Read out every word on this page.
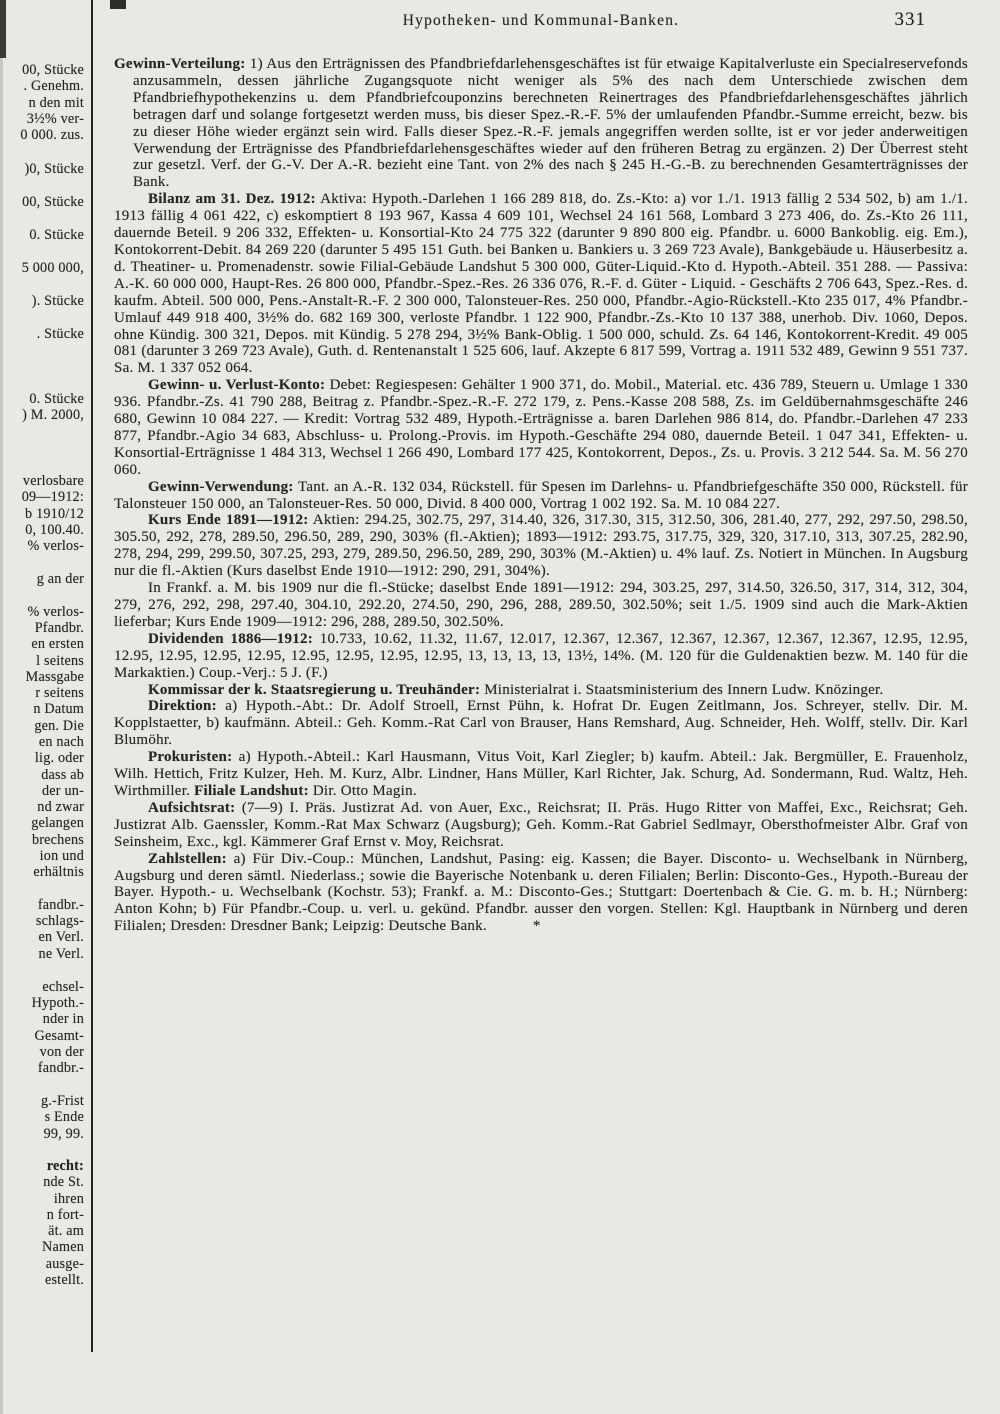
Hypotheken- und Kommunal-Banken.	331
00, Stücke
. Genehm.
n den mit
3½% ver-
0 000. zus.
)0, Stücke
00, Stücke
0. Stücke
5 000 000,
). Stücke
. Stücke
0. Stücke
) M. 2000,
verlosbare
09—1912:
b 1910/12
0, 100.40.
% verlos-
g an der
% verlos-
Pfandbr.
en ersten
l seitens
Massgabe
r seitens
n Datum
gen. Die
en nach
lig. oder
dass ab
der un-
nd zwar
gelangen
brechens
ion und
erhältnis
fandbr.-
schlags-
en Verl.
ne Verl.
echsel-
Hypoth.-
nder in
Gesamt-
von der
fandbr.-
g.-Frist
s Ende
99, 99.
recht:
nde St.
ihren
n fort-
ät. am
Namen
ausge-
estellt.

Gewinn-Verteilung: 1) Aus den Erträgnissen des Pfandbriefdarlehensgeschäftes ist für etwaige Kapitalverluste ein Specialreservefonds anzusammeln, dessen jährliche Zugangsquote nicht weniger als 5% des nach dem Unterschiede zwischen dem Pfandbriefhypothekenzins u. dem Pfandbriefcouponzins berechneten Reinertrages des Pfandbriefdarlehensgeschäftes jährlich betragen darf und solange fortgesetzt werden muss, bis dieser Spez.-R.-F. 5% der umlaufenden Pfandbr.-Summe erreicht, bezw. bis zu dieser Höhe wieder ergänzt sein wird. Falls dieser Spez.-R.-F. jemals angegriffen werden sollte, ist er vor jeder anderweitigen Verwendung der Erträgnisse des Pfandbriefdarlehensgeschäftes wieder auf den früheren Betrag zu ergänzen. 2) Der Überrest steht zur gesetzl. Verf. der G.-V. Der A.-R. bezieht eine Tant. von 2% des nach § 245 H.-G.-B. zu berechnenden Gesamterträgnisses der Bank.

Bilanz am 31. Dez. 1912: Aktiva: Hypoth.-Darlehen 1 166 289 818, do. Zs.-Kto: a) vor 1./1. 1913 fällig 2 534 502, b) am 1./1. 1913 fällig 4 061 422, c) eskomptiert 8 193 967, Kassa 4 609 101, Wechsel 24 161 568, Lombard 3 273 406, do. Zs.-Kto 26 111, dauernde Beteil. 9 206 332, Effekten- u. Konsortial-Kto 24 775 322 (darunter 9 890 800 eig. Pfandbr. u. 6000 Bankoblig. eig. Em.), Kontokorrent-Debit. 84 269 220 (darunter 5 495 151 Guth. bei Banken u. Bankiers u. 3 269 723 Avale), Bankgebäude u. Häuserbesitz a. d. Theatiner- u. Promenadenstr. sowie Filial-Gebäude Landshut 5 300 000, Güter-Liquid.-Kto d. Hypoth.-Abteil. 351 288. — Passiva: A.-K. 60 000 000, Haupt-Res. 26 800 000, Pfandbr.-Spez.-Res. 26 336 076, R.-F. d. Güter - Liquid. - Geschäfts 2 706 643, Spez.-Res. d. kaufm. Abteil. 500 000, Pens.-Anstalt-R.-F. 2 300 000, Talonsteuer-Res. 250 000, Pfandbr.-Agio-Rückstell.-Kto 235 017, 4% Pfandbr.-Umlauf 449 918 400, 3½% do. 682 169 300, verloste Pfandbr. 1 122 900, Pfandbr.-Zs.-Kto 10 137 388, unerhob. Div. 1060, Depos. ohne Kündig. 300 321, Depos. mit Kündig. 5 278 294, 3½% Bank-Oblig. 1 500 000, schuld. Zs. 64 146, Kontokorrent-Kredit. 49 005 081 (darunter 3 269 723 Avale), Guth. d. Rentenanstalt 1 525 606, lauf. Akzepte 6 817 599, Vortrag a. 1911 532 489, Gewinn 9 551 737. Sa. M. 1 337 052 064.

Gewinn- u. Verlust-Konto: Debet: Regiespesen: Gehälter 1 900 371, do. Mobil., Material. etc. 436 789, Steuern u. Umlage 1 330 936. Pfandbr.-Zs. 41 790 288, Beitrag z. Pfandbr.-Spez.-R.-F. 272 179, z. Pens.-Kasse 208 588, Zs. im Geldübernahmsgeschäfte 246 680, Gewinn 10 084 227. — Kredit: Vortrag 532 489, Hypoth.-Erträgnisse a. baren Darlehen 986 814, do. Pfandbr.-Darlehen 47 233 877, Pfandbr.-Agio 34 683, Abschluss- u. Prolong.-Provis. im Hypoth.-Geschäfte 294 080, dauernde Beteil. 1 047 341, Effekten- u. Konsortial-Erträgnisse 1 484 313, Wechsel 1 266 490, Lombard 177 425, Kontokorrent, Depos., Zs. u. Provis. 3 212 544. Sa. M. 56 270 060.

Gewinn-Verwendung: Tant. an A.-R. 132 034, Rückstell. für Spesen im Darlehns- u. Pfandbriefgeschäfte 350 000, Rückstell. für Talonsteuer 150 000, an Talonsteuer-Res. 50 000, Divid. 8 400 000, Vortrag 1 002 192. Sa. M. 10 084 227.

Kurs Ende 1891—1912: Aktien: 294.25, 302.75, 297, 314.40, 326, 317.30, 315, 312.50, 306, 281.40, 277, 292, 297.50, 298.50, 305.50, 292, 278, 289.50, 296.50, 289, 290, 303% (fl.-Aktien); 1893—1912: 293.75, 317.75, 329, 320, 317.10, 313, 307.25, 282.90, 278, 294, 299, 299.50, 307.25, 293, 279, 289.50, 296.50, 289, 290, 303% (M.-Aktien) u. 4% lauf. Zs. Notiert in München. In Augsburg nur die fl.-Aktien (Kurs daselbst Ende 1910—1912: 290, 291, 304%).

In Frankf. a. M. bis 1909 nur die fl.-Stücke; daselbst Ende 1891—1912: 294, 303.25, 297, 314.50, 326.50, 317, 314, 312, 304, 279, 276, 292, 298, 297.40, 304.10, 292.20, 274.50, 290, 296, 288, 289.50, 302.50%; seit 1./5. 1909 sind auch die Mark-Aktien lieferbar; Kurs Ende 1909—1912: 296, 288, 289.50, 302.50%.

Dividenden 1886—1912: 10.733, 10.62, 11.32, 11.67, 12.017, 12.367, 12.367, 12.367, 12.367, 12.367, 12.367, 12.95, 12.95, 12.95, 12.95, 12.95, 12.95, 12.95, 12.95, 12.95, 12.95, 13, 13, 13, 13, 13½, 14%. (M. 120 für die Guldenaktien bezw. M. 140 für die Markaktien.) Coup.-Verj.: 5 J. (F.)

Kommissar der k. Staatsregierung u. Treuhänder: Ministerialrat i. Staatsministerium des Innern Ludw. Knözinger.

Direktion: a) Hypoth.-Abt.: Dr. Adolf Stroell, Ernst Pühn, k. Hofrat Dr. Eugen Zeitlmann, Jos. Schreyer, stellv. Dir. M. Kopplstaetter, b) kaufmänn. Abteil.: Geh. Komm.-Rat Carl von Brauser, Hans Remshard, Aug. Schneider, Heh. Wolff, stellv. Dir. Karl Blumöhr.

Prokuristen: a) Hypoth.-Abteil.: Karl Hausmann, Vitus Voit, Karl Ziegler; b) kaufm. Abteil.: Jak. Bergmüller, E. Frauenholz, Wilh. Hettich, Fritz Kulzer, Heh. M. Kurz, Albr. Lindner, Hans Müller, Karl Richter, Jak. Schurg, Ad. Sondermann, Rud. Waltz, Heh. Wirthmiller. Filiale Landshut: Dir. Otto Magin.

Aufsichtsrat: (7—9) I. Präs. Justizrat Ad. von Auer, Exc., Reichsrat; II. Präs. Hugo Ritter von Maffei, Exc., Reichsrat; Geh. Justizrat Alb. Gaenssler, Komm.-Rat Max Schwarz (Augsburg); Geh. Komm.-Rat Gabriel Sedlmayr, Obersthofmeister Albr. Graf von Seinsheim, Exc., kgl. Kämmerer Graf Ernst v. Moy, Reichsrat.

Zahlstellen: a) Für Div.-Coup.: München, Landshut, Pasing: eig. Kassen; die Bayer. Disconto- u. Wechselbank in Nürnberg, Augsburg und deren sämtl. Niederlass.; sowie die Bayerische Notenbank u. deren Filialen; Berlin: Disconto-Ges., Hypoth.-Bureau der Bayer. Hypoth.- u. Wechselbank (Kochstr. 53); Frankf. a. M.: Disconto-Ges.; Stuttgart: Doertenbach & Cie. G. m. b. H.; Nürnberg: Anton Kohn; b) Für Pfandbr.-Coup. u. verl. u. gekünd. Pfandbr. ausser den vorgen. Stellen: Kgl. Hauptbank in Nürnberg und deren Filialen; Dresden: Dresdner Bank; Leipzig: Deutsche Bank.	*
